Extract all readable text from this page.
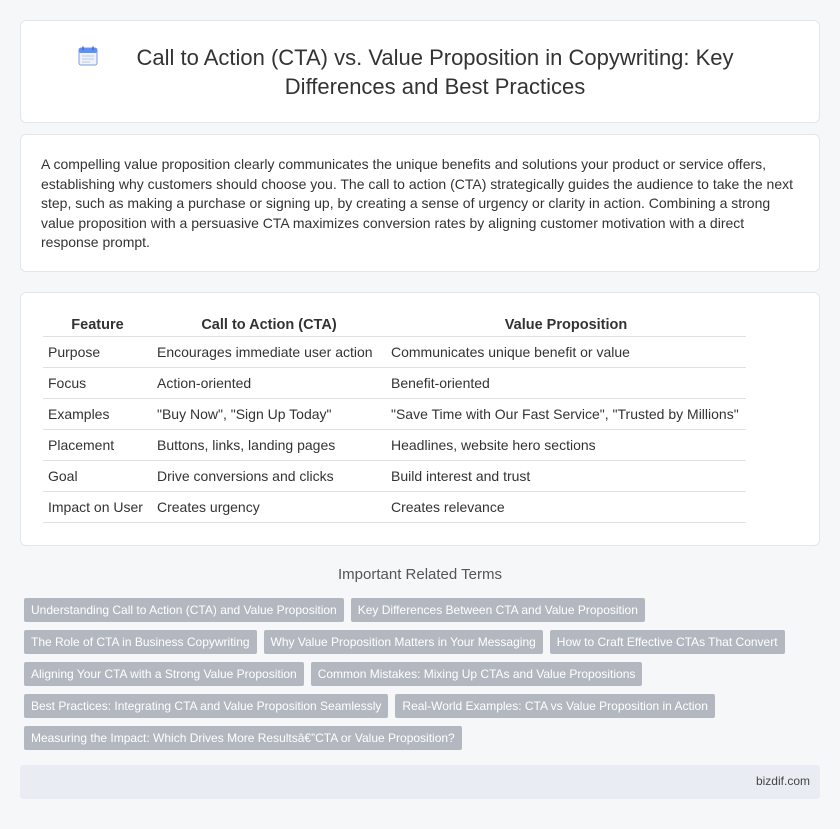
Call to Action (CTA) vs. Value Proposition in Copywriting: Key Differences and Best Practices

A compelling value proposition clearly communicates the unique benefits and solutions your product or service offers, establishing why customers should choose you. The call to action (CTA) strategically guides the audience to take the next step, such as making a purchase or signing up, by creating a sense of urgency or clarity in action. Combining a strong value proposition with a persuasive CTA maximizes conversion rates by aligning customer motivation with a direct response prompt.

Feature	Call to Action (CTA)	Value Proposition
Purpose	Encourages immediate user action	Communicates unique benefit or value
Focus	Action-oriented	Benefit-oriented
Examples	"Buy Now", "Sign Up Today"	"Save Time with Our Fast Service", "Trusted by Millions"
Placement	Buttons, links, landing pages	Headlines, website hero sections
Goal	Drive conversions and clicks	Build interest and trust
Impact on User	Creates urgency	Creates relevance
Important Related Terms
Understanding Call to Action (CTA) and Value Proposition Key Differences Between CTA and Value Proposition
The Role of CTA in Business Copywriting Why Value Proposition Matters in Your Messaging How to Craft Effective CTAs That Convert
Aligning Your CTA with a Strong Value Proposition Common Mistakes: Mixing Up CTAs and Value Propositions
Best Practices: Integrating CTA and Value Proposition Seamlessly Real-World Examples: CTA vs Value Proposition in Action
Measuring the Impact: Which Drives More Resultsâ€”CTA or Value Proposition?
bizdif.com
